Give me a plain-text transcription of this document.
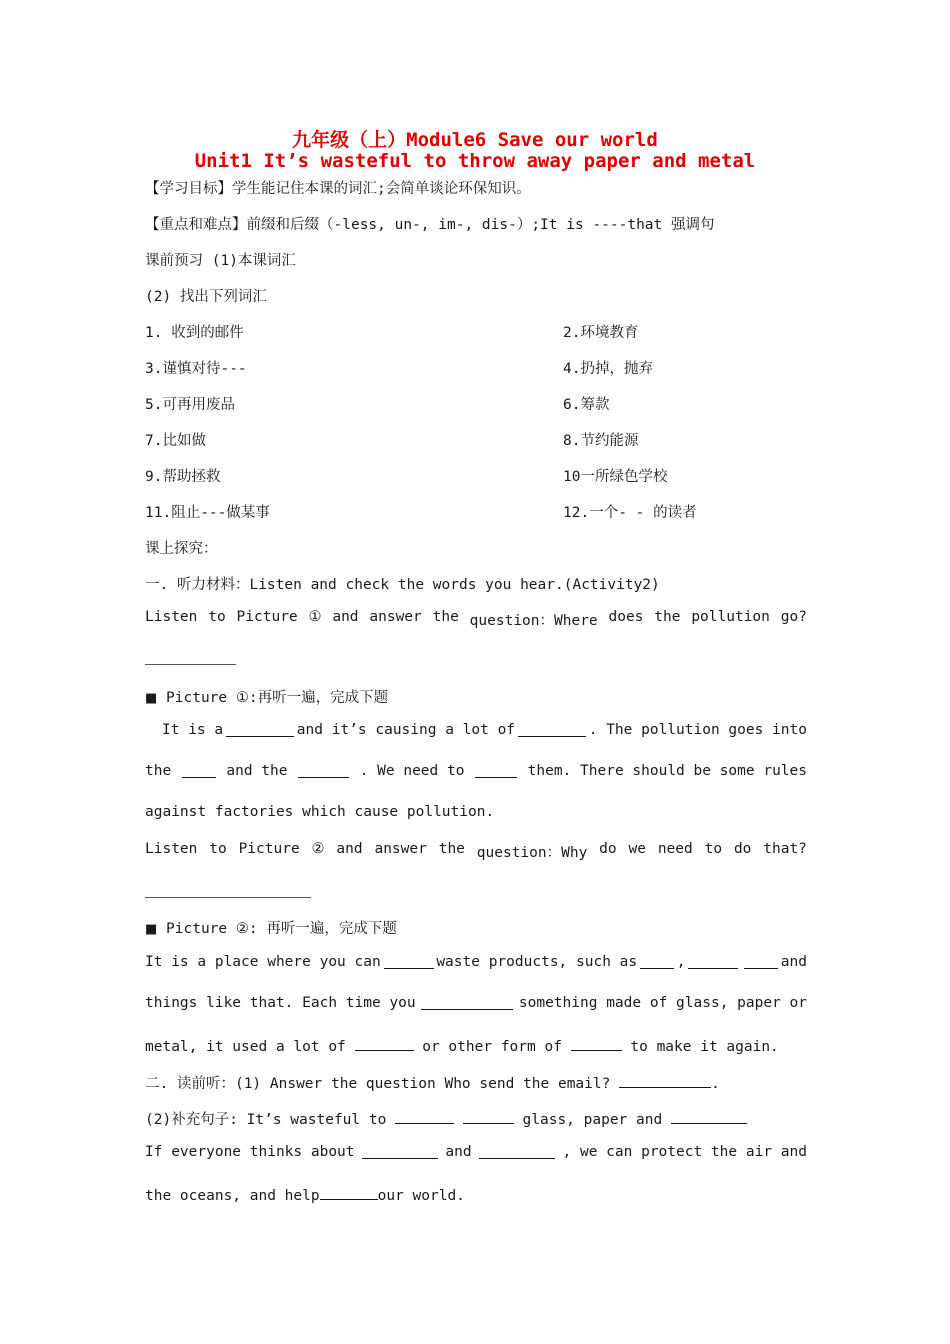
九年级（上）Module6 Save our world
Unit1 It’s wasteful to throw away paper and metal
【学习目标】学生能记住本课的词汇;会简单谈论环保知识。
【重点和难点】前缀和后缀（-less, un-, im-, dis-）;It is ----that 强调句
课前预习 (1)本课词汇
(2) 找出下列词汇
1. 收到的邮件	2.环境教育
3.谨慎对待---	4.扔掉，抛弃
5.可再用废品	6.筹款
7.比如做	8.节约能源
9.帮助拯救	10一所绿色学校
11.阻止---做某事	12.一个- - 的读者
课上探究：
一. 听力材料：Listen and check the words you hear.(Activity2)
Listen to Picture ① and answer the question：Where does the pollution go?
■ Picture ①:再听一遍，完成下题
It is a	and it’s causing a lot of	. The pollution goes into
the	and the	. We need to	them. There should be some rules
against factories which cause pollution.
Listen to Picture ② and answer the question：Why do we need to do that?
■ Picture ②: 再听一遍，完成下题
It is a place where you can	waste products, such as	,	and
things like that. Each time you	something made of glass, paper or
metal, it used a lot of	or other form of	to make it again.
二. 读前听：(1) Answer the question Who send the email?	.
(2)补充句子: It’s wasteful to	glass, paper and
If everyone thinks about	and	, we can protect the air and
the oceans, and help	our world.
